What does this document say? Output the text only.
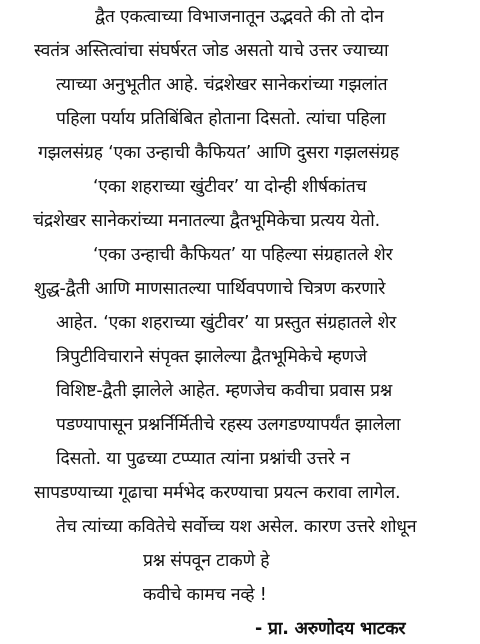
द्वैत एकत्वाच्या विभाजनातून उद्भवते की तो दोन
स्वतंत्र अस्तित्वांचा संघर्षरत जोड असतो याचे उत्तर ज्याच्या
त्याच्या अनुभूतीत आहे. चंद्रशेखर सानेकरांच्या गझलांत
पहिला पर्याय प्रतिबिंबित होताना दिसतो. त्यांचा पहिला
गझलसंग्रह ‘एका उन्हाची कैफियत’ आणि दुसरा गझलसंग्रह
‘एका शहराच्या खुंटीवर’ या दोन्ही शीर्षकांतच
चंद्रशेखर सानेकरांच्या मनातल्या द्वैतभूमिकेचा प्रत्यय येतो.
‘एका उन्हाची कैफियत’ या पहिल्या संग्रहातले शेर
शुद्ध-द्वैती आणि माणसातल्या पार्थिवपणाचे चित्रण करणारे
आहेत. ‘एका शहराच्या खुंटीवर’ या प्रस्तुत संग्रहातले शेर
त्रिपुटीविचाराने संपृक्त झालेल्या द्वैतभूमिकेचे म्हणजे
विशिष्ट-द्वैती झालेले आहेत. म्हणजेच कवीचा प्रवास प्रश्न
पडण्यापासून प्रश्नर्निर्मितीचे रहस्य उलगडण्यापर्यंत झालेला
दिसतो. या पुढच्या टप्प्यात त्यांना प्रश्नांची उत्तरे न
सापडण्याच्या गूढाचा मर्मभेद करण्याचा प्रयत्न करावा लागेल.
तेच त्यांच्या कवितेचे सर्वोच्च यश असेल. कारण उत्तरे शोधून
प्रश्न संपवून टाकणे हे
कवीचे कामच नव्हे !
- प्रा. अरुणोदय भाटकर
